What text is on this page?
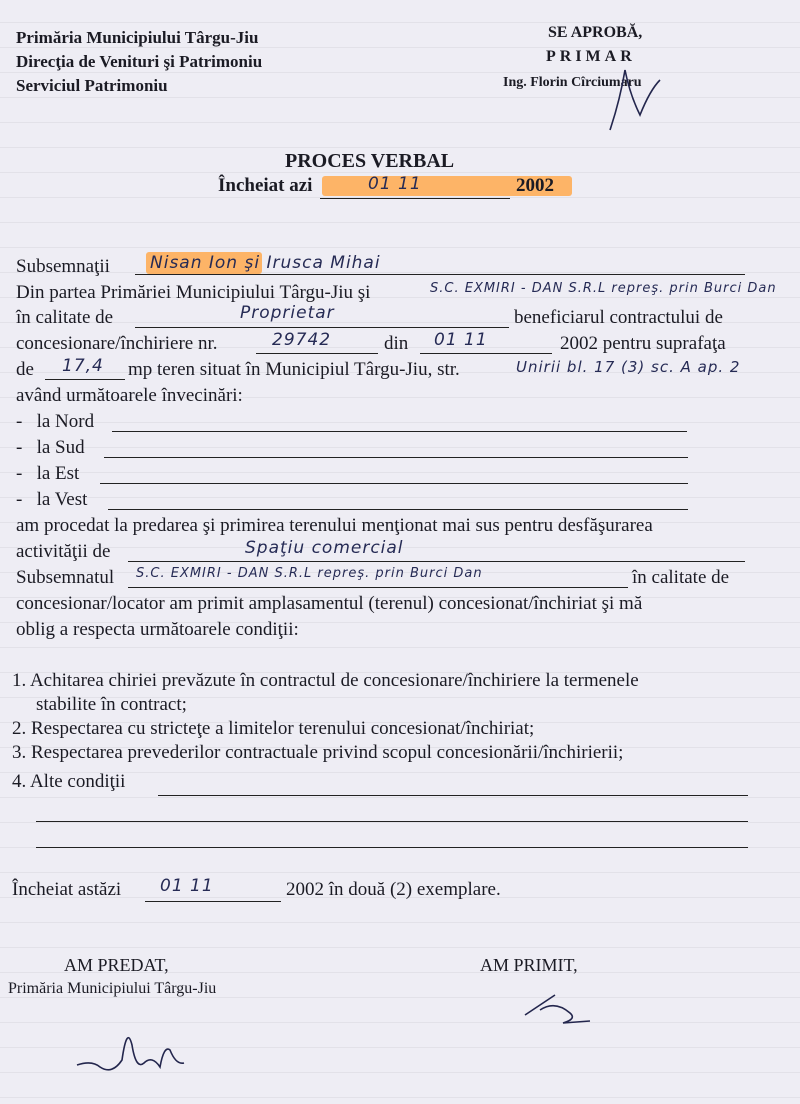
Primăria Municipiului Târgu-Jiu
Direcţia de Venituri şi Patrimoniu
Serviciul Patrimoniu
SE APROBĂ,
PRIMAR
Ing. Florin Cîrciumaru
PROCES VERBAL
Încheiat azi	01 11	2002
Subsemnaţii Nisan Ion şi Irusca Mihai
Din partea Primăriei Municipiului Târgu-Jiu şi	S.C. EXMIRI - DAN S.R.L repreş. prin Burci Dan
în calitate de	Proprietar	beneficiarul contractului de
concesionare/închiriere nr.	29742	din 01 11	2002 pentru suprafaţa
de 17,4 mp teren situat în Municipiul Târgu-Jiu, str.	Unirii bl. 17 (3) sc. A ap. 2
având următoarele învecinări:
-   la Nord
-   la Sud
-   la Est
-   la Vest
am procedat la predarea şi primirea terenului menţionat mai sus pentru desfăşurarea
activităţii de	Spaţiu comercial
Subsemnatul S.C. EXMIRI - DAN S.R.L repreş. prin Burci Dan	în calitate de
concesionar/locator am primit amplasamentul (terenul) concesionat/închiriat şi mă
oblig a respecta următoarele condiţii:
1. Achitarea chiriei prevăzute în contractul de concesionare/închiriere la termenele
stabilite în contract;
2. Respectarea cu stricteţe a limitelor terenului concesionat/închiriat;
3. Respectarea prevederilor contractuale privind scopul concesionării/închirierii;
4. Alte condiţii
Încheiat astăzi 01 11	2002 în două (2) exemplare.
AM PREDAT,
Primăria Municipiului Târgu-Jiu
AM PRIMIT,
